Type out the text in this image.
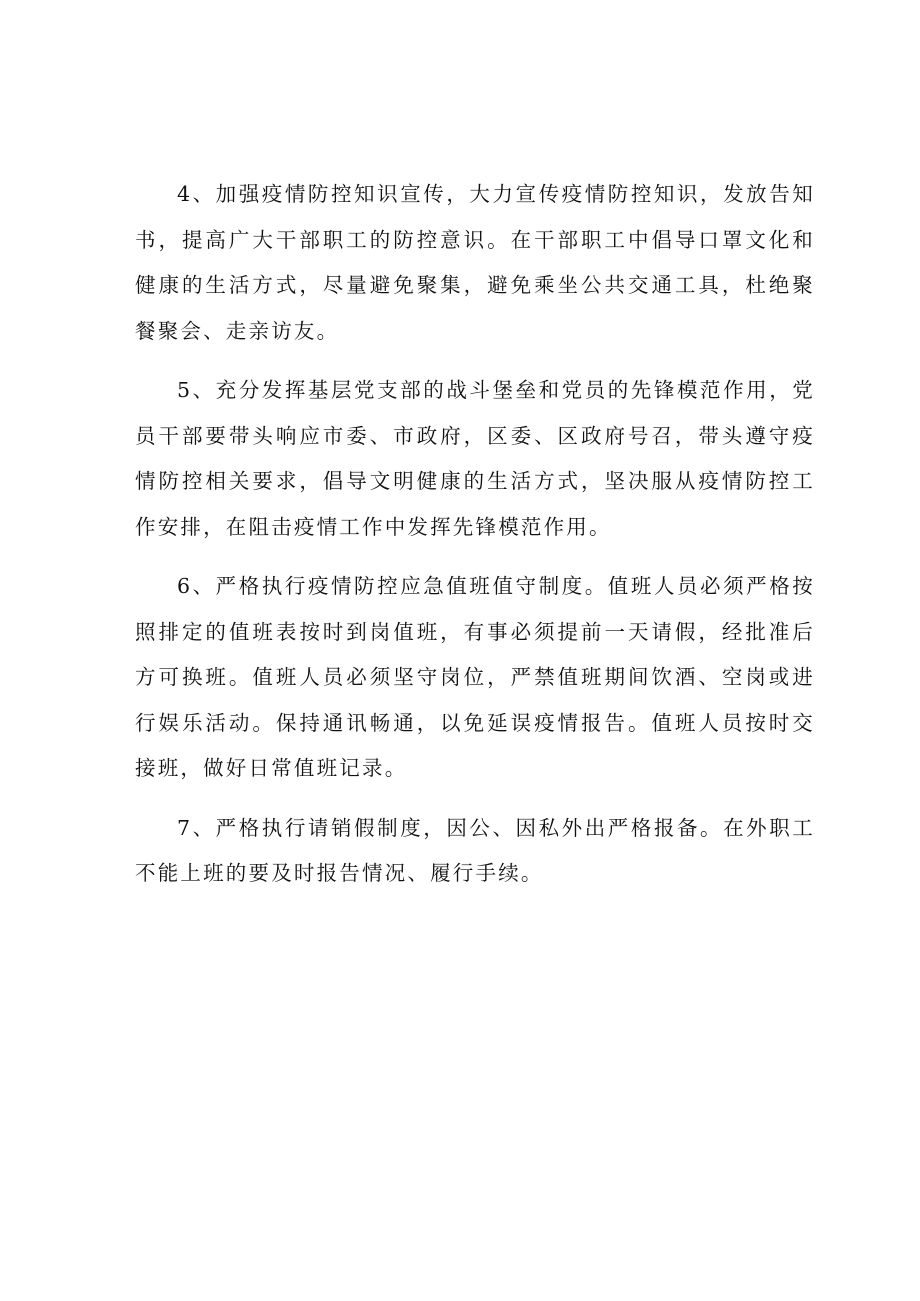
4、加强疫情防控知识宣传，大力宣传疫情防控知识，发放告知书，提高广大干部职工的防控意识。在干部职工中倡导口罩文化和健康的生活方式，尽量避免聚集，避免乘坐公共交通工具，杜绝聚餐聚会、走亲访友。

5、充分发挥基层党支部的战斗堡垒和党员的先锋模范作用，党员干部要带头响应市委、市政府，区委、区政府号召，带头遵守疫情防控相关要求，倡导文明健康的生活方式，坚决服从疫情防控工作安排，在阻击疫情工作中发挥先锋模范作用。

6、严格执行疫情防控应急值班值守制度。值班人员必须严格按照排定的值班表按时到岗值班，有事必须提前一天请假，经批准后方可换班。值班人员必须坚守岗位，严禁值班期间饮酒、空岗或进行娱乐活动。保持通讯畅通，以免延误疫情报告。值班人员按时交接班，做好日常值班记录。

7、严格执行请销假制度，因公、因私外出严格报备。在外职工不能上班的要及时报告情况、履行手续。
